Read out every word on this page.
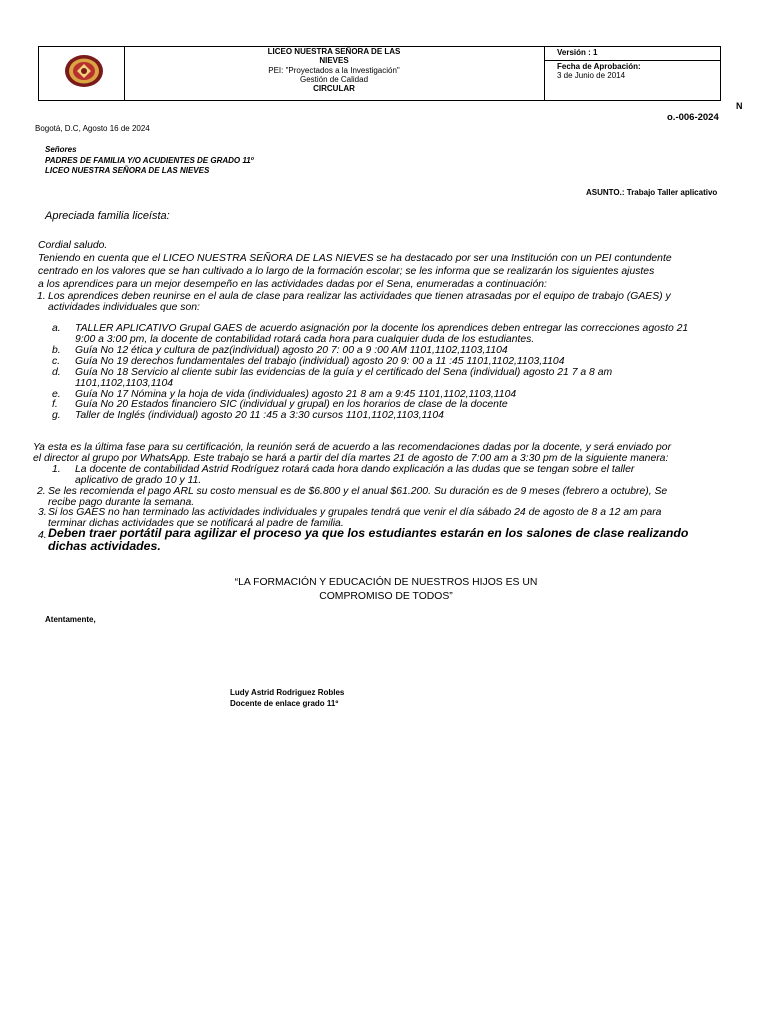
LICEO NUESTRA SEÑORA DE LAS
NIEVES
PEI: "Proyectados a la Investigación"
Gestión de Calidad
CIRCULAR
Versión : 1
Fecha de Aprobación:
3 de Junio de 2014
N
o.-006-2024
Bogotá, D.C, Agosto 16 de 2024
Señores
PADRES DE FAMILIA Y/O ACUDIENTES DE GRADO 11º
LICEO NUESTRA SEÑORA DE LAS NIEVES
ASUNTO.: Trabajo Taller aplicativo
Apreciada familia liceísta:
Cordial saludo.
Teniendo en cuenta que el LICEO NUESTRA SEÑORA DE LAS NIEVES se ha destacado por ser una Institución con un PEI contundente
centrado en los valores que se han cultivado a lo largo de la formación escolar; se les informa que se realizarán los siguientes ajustes
a los aprendices para un mejor desempeño en las actividades dadas por el Sena, enumeradas a continuación:
1. Los aprendices deben reunirse en el aula de clase para realizar las actividades que tienen atrasadas por el equipo de trabajo (GAES) y
actividades individuales que son:
a. TALLER APLICATIVO Grupal GAES de acuerdo asignación por la docente los aprendices deben entregar las correcciones agosto 21
9:00 a 3:00 pm, la docente de contabilidad rotará cada hora para cualquier duda de los estudiantes.
b. Guía No 12 ética y cultura de paz(individual) agosto 20 7: 00 a 9 :00 AM 1101,1102,1103,1104
c. Guía No 19 derechos fundamentales del trabajo (individual) agosto 20 9: 00 a 11 :45 1101,1102,1103,1104
d. Guía No 18 Servicio al cliente subir las evidencias de la guía y el certificado del Sena (individual) agosto 21 7 a 8 am
1101,1102,1103,1104
e. Guía No 17 Nómina y la hoja de vida (individuales) agosto 21 8 am a 9:45 1101,1102,1103,1104
f. Guía No 20 Estados financiero SIC (individual y grupal) en los horarios de clase de la docente
g. Taller de Inglés (individual) agosto 20 11 :45 a 3:30 cursos 1101,1102,1103,1104
Ya esta es la última fase para su certificación, la reunión será de acuerdo a las recomendaciones dadas por la docente, y será enviado por
el director al grupo por WhatsApp. Este trabajo se hará a partir del día martes 21 de agosto de 7:00 am a 3:30 pm de la siguiente manera:
1. La docente de contabilidad Astrid Rodríguez rotará cada hora dando explicación a las dudas que se tengan sobre el taller
aplicativo de grado 10 y 11.
2. Se les recomienda el pago ARL su costo mensual es de $6.800 y el anual $61.200. Su duración es de 9 meses (febrero a octubre), Se
recibe pago durante la semana.
3. Si los GAES no han terminado las actividades individuales y grupales tendrá que venir el día sábado 24 de agosto de 8 a 12 am para
terminar dichas actividades que se notificará al padre de familia.
4. Deben traer portátil para agilizar el proceso ya que los estudiantes estarán en los salones de clase realizando
dichas actividades.
“LA FORMACIÓN Y EDUCACIÓN DE NUESTROS HIJOS ES UN
COMPROMISO DE TODOS”
Atentamente,
Ludy Astrid Rodriguez Robles
Docente de enlace grado 11º
